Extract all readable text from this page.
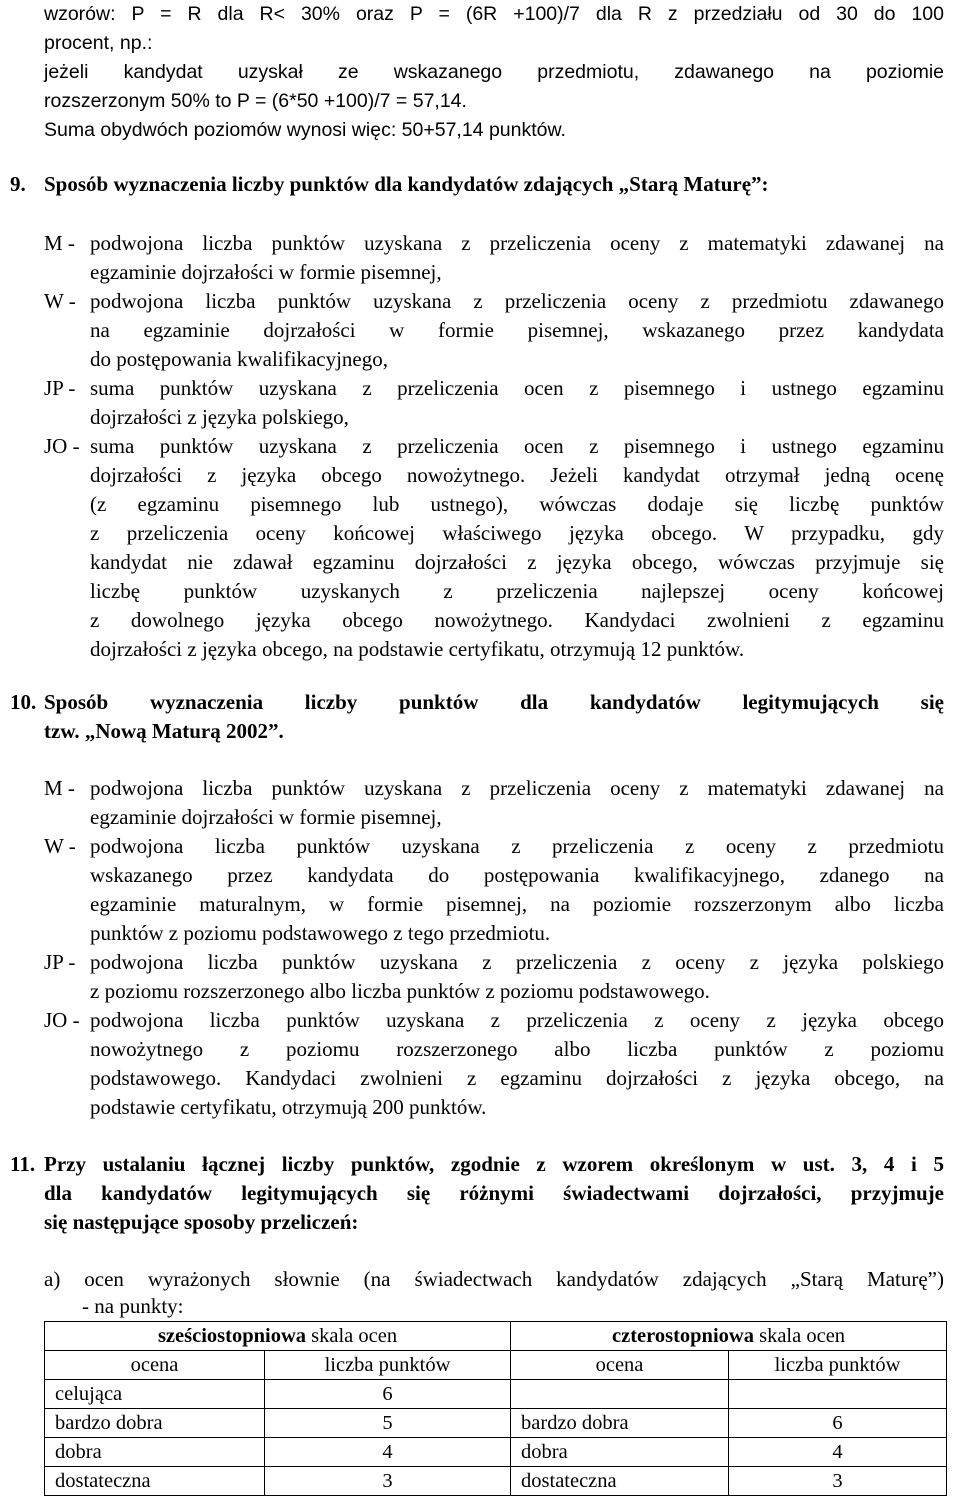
wzorów: P = R dla R< 30% oraz P = (6R +100)/7 dla R z przedziału od 30 do 100
procent, np.:
jeżeli kandydat uzyskał ze wskazanego przedmiotu, zdawanego na poziomie
rozszerzonym 50% to P = (6*50 +100)/7 = 57,14.
Suma obydwóch poziomów wynosi więc: 50+57,14 punktów.
9. Sposób wyznaczenia liczby punktów dla kandydatów zdających „Starą Maturę”:
M - podwojona liczba punktów uzyskana z przeliczenia oceny z matematyki zdawanej na
egzaminie dojrzałości w formie pisemnej,
W - podwojona liczba punktów uzyskana z przeliczenia oceny z przedmiotu zdawanego
na egzaminie dojrzałości w formie pisemnej, wskazanego przez kandydata
do postępowania kwalifikacyjnego,
JP - suma punktów uzyskana z przeliczenia ocen z pisemnego i ustnego egzaminu
dojrzałości z języka polskiego,
JO - suma punktów uzyskana z przeliczenia ocen z pisemnego i ustnego egzaminu
dojrzałości z języka obcego nowożytnego. Jeżeli kandydat otrzymał jedną ocenę
(z egzaminu pisemnego lub ustnego), wówczas dodaje się liczbę punktów
z przeliczenia oceny końcowej właściwego języka obcego. W przypadku, gdy
kandydat nie zdawał egzaminu dojrzałości z języka obcego, wówczas przyjmuje się
liczbę punktów uzyskanych z przeliczenia najlepszej oceny końcowej
z dowolnego języka obcego nowożytnego. Kandydaci zwolnieni z egzaminu
dojrzałości z języka obcego, na podstawie certyfikatu, otrzymują 12 punktów.
10. Sposób wyznaczenia liczby punktów dla kandydatów legitymujących się
tzw. „Nową Maturą 2002”.
M - podwojona liczba punktów uzyskana z przeliczenia oceny z matematyki zdawanej na
egzaminie dojrzałości w formie pisemnej,
W - podwojona liczba punktów uzyskana z przeliczenia z oceny z przedmiotu
wskazanego przez kandydata do postępowania kwalifikacyjnego, zdanego na
egzaminie maturalnym, w formie pisemnej, na poziomie rozszerzonym albo liczba
punktów z poziomu podstawowego z tego przedmiotu.
JP - podwojona liczba punktów uzyskana z przeliczenia z oceny z języka polskiego
z poziomu rozszerzonego albo liczba punktów z poziomu podstawowego.
JO - podwojona liczba punktów uzyskana z przeliczenia z oceny z języka obcego
nowożytnego z poziomu rozszerzonego albo liczba punktów z poziomu
podstawowego. Kandydaci zwolnieni z egzaminu dojrzałości z języka obcego, na
podstawie certyfikatu, otrzymują 200 punktów.
11. Przy ustalaniu łącznej liczby punktów, zgodnie z wzorem określonym w ust. 3, 4 i 5
dla kandydatów legitymujących się różnymi świadectwami dojrzałości, przyjmuje
się następujące sposoby przeliczeń:
a) ocen wyrażonych słownie (na świadectwach kandydatów zdających „Starą Maturę”)
- na punkty:
sześciostopniowa skala ocen		czterostopniowa skala ocen	
ocena	liczba punktów	ocena	liczba punktów
celująca	6		
bardzo dobra	5	bardzo dobra	6
dobra	4	dobra	4
dostateczna	3	dostateczna	3
